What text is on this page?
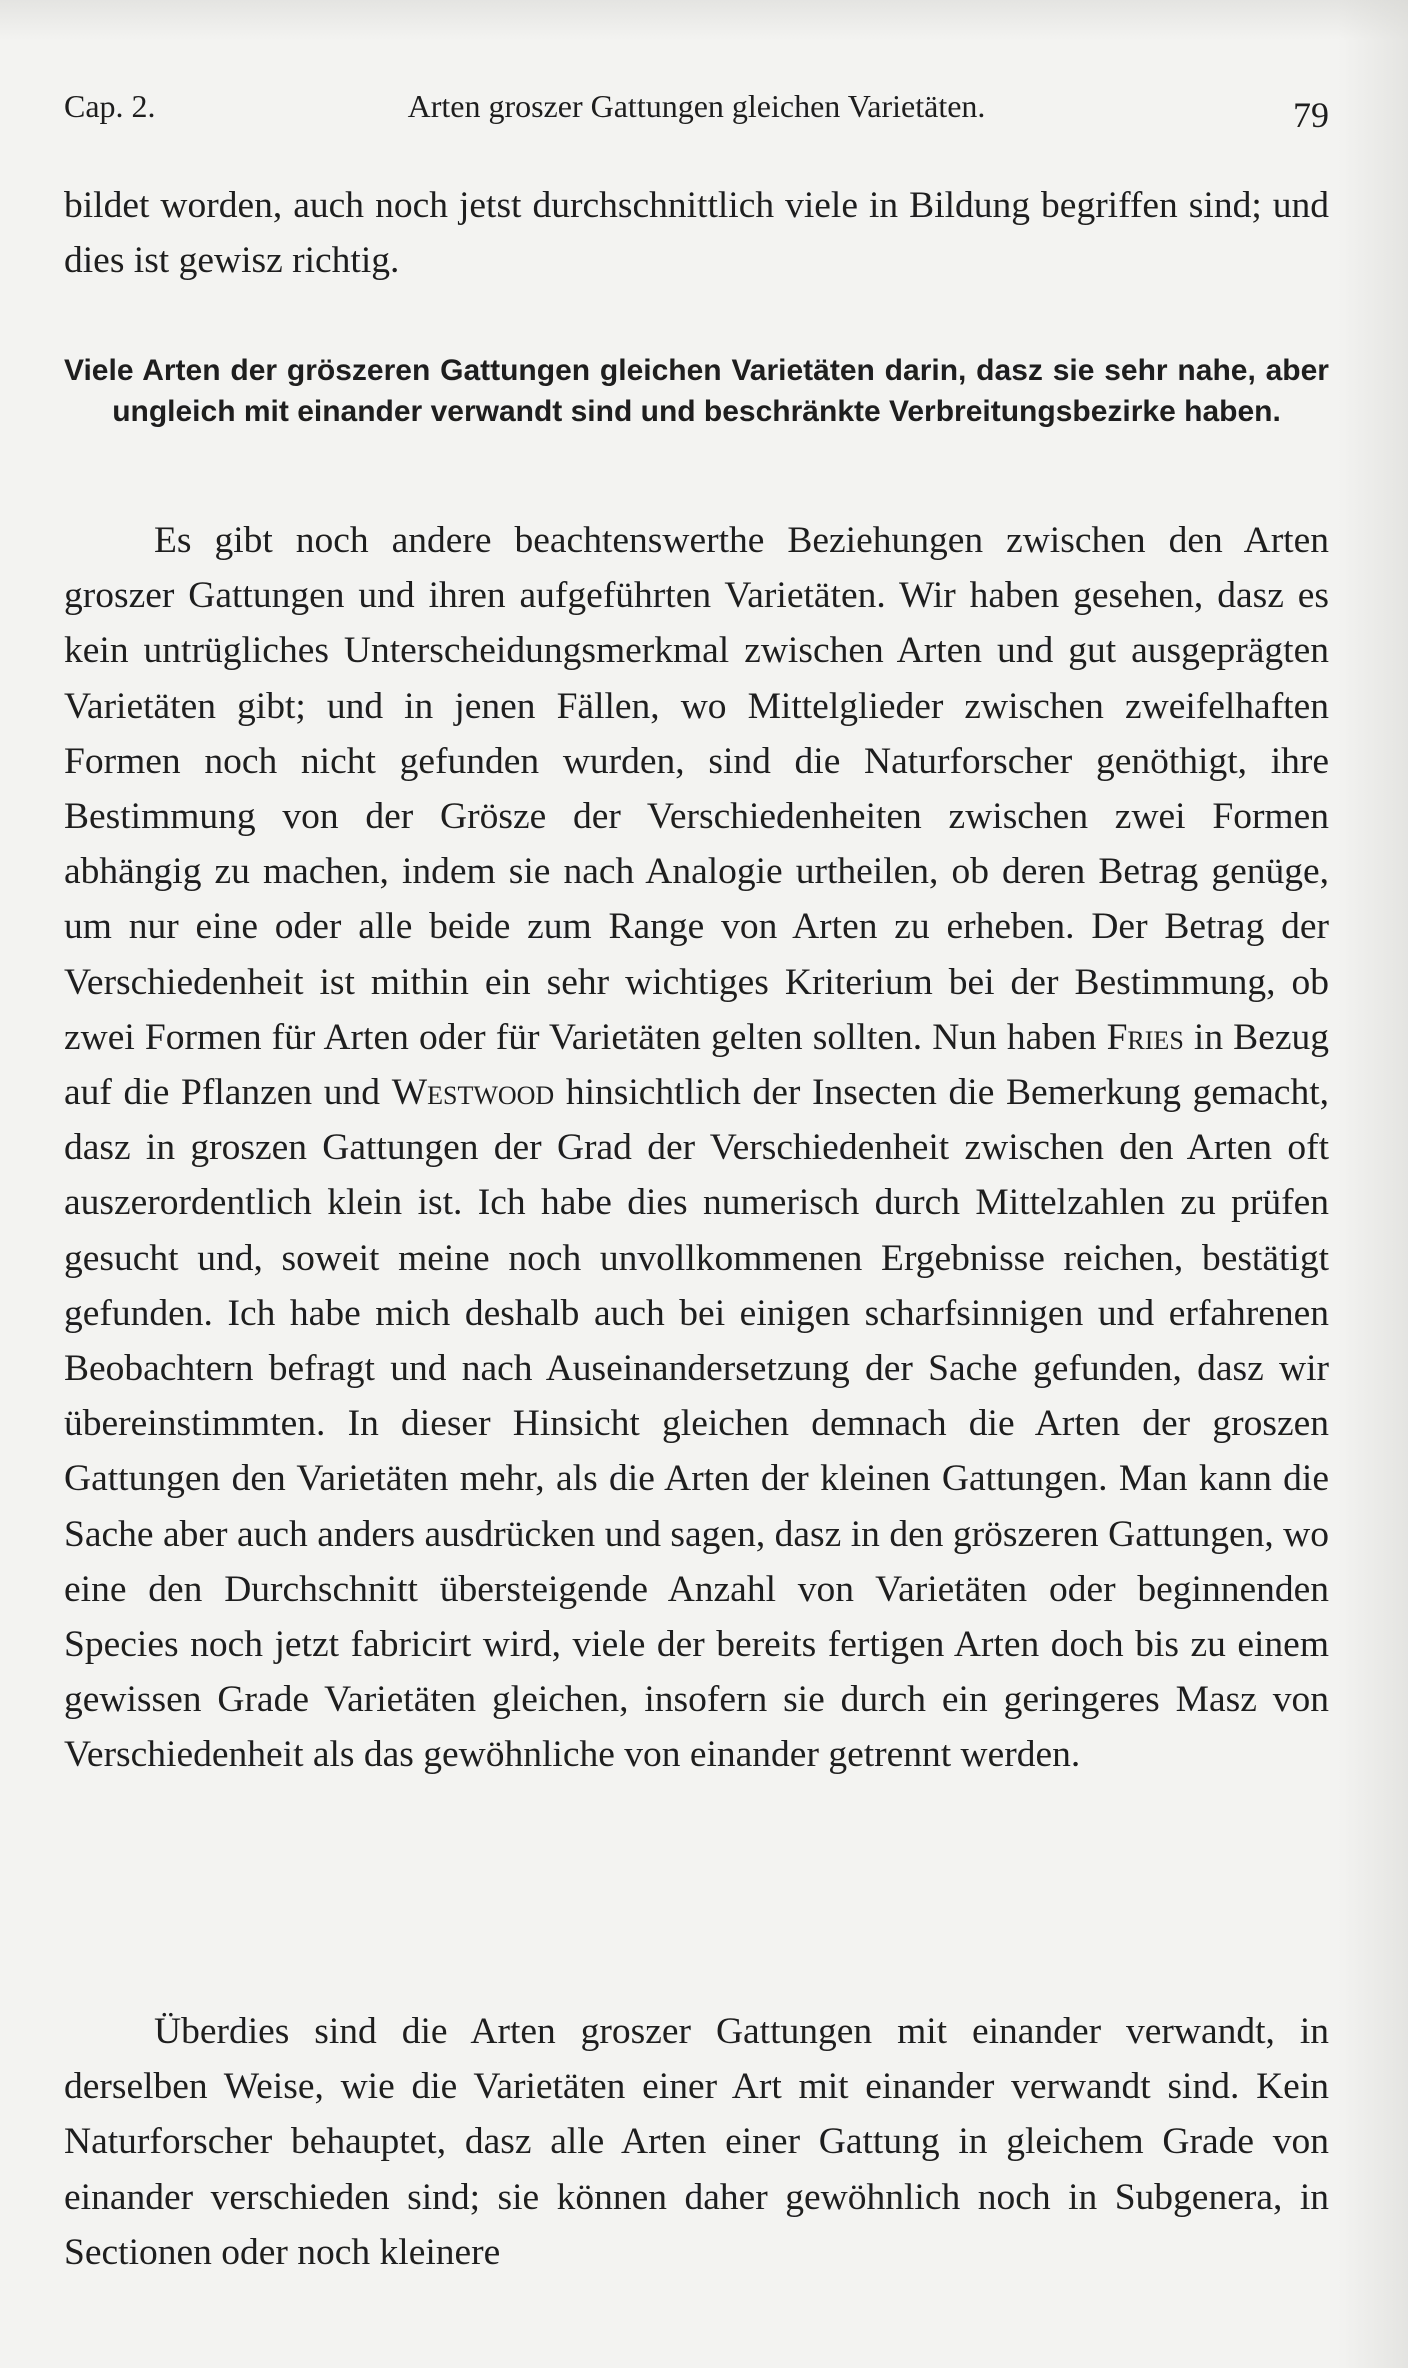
Cap. 2.	Arten groszer Gattungen gleichen Varietäten.	79

bildet worden, auch noch jetst durchschnittlich viele in Bildung begriffen sind; und dies ist gewisz richtig.

Viele Arten der gröszeren Gattungen gleichen Varietäten darin, dasz sie sehr nahe, aber ungleich mit einander verwandt sind und beschränkte Verbreitungsbezirke haben.

Es gibt noch andere beachtenswerthe Beziehungen zwischen den Arten groszer Gattungen und ihren aufgeführten Varietäten. Wir haben gesehen, dasz es kein untrügliches Unterscheidungsmerkmal zwischen Arten und gut ausgeprägten Varietäten gibt; und in jenen Fällen, wo Mittelglieder zwischen zweifelhaften Formen noch nicht gefunden wurden, sind die Naturforscher genöthigt, ihre Bestimmung von der Grösze der Verschiedenheiten zwischen zwei Formen abhängig zu machen, indem sie nach Analogie urtheilen, ob deren Betrag genüge, um nur eine oder alle beide zum Range von Arten zu erheben. Der Betrag der Verschiedenheit ist mithin ein sehr wichtiges Kriterium bei der Bestimmung, ob zwei Formen für Arten oder für Varietäten gelten sollten. Nun haben Fries in Bezug auf die Pflanzen und Westwood hinsichtlich der Insecten die Bemerkung gemacht, dasz in groszen Gattungen der Grad der Verschiedenheit zwischen den Arten oft auszerordentlich klein ist. Ich habe dies numerisch durch Mittelzahlen zu prüfen gesucht und, soweit meine noch unvollkommenen Ergebnisse reichen, bestätigt gefunden. Ich habe mich deshalb auch bei einigen scharfsinnigen und erfahrenen Beobachtern befragt und nach Auseinandersetzung der Sache gefunden, dasz wir übereinstimmten. In dieser Hinsicht gleichen demnach die Arten der groszen Gattungen den Varietäten mehr, als die Arten der kleinen Gattungen. Man kann die Sache aber auch anders ausdrücken und sagen, dasz in den gröszeren Gattungen, wo eine den Durchschnitt übersteigende Anzahl von Varietäten oder beginnenden Species noch jetzt fabricirt wird, viele der bereits fertigen Arten doch bis zu einem gewissen Grade Varietäten gleichen, insofern sie durch ein geringeres Masz von Verschiedenheit als das gewöhnliche von einander getrennt werden.

Überdies sind die Arten groszer Gattungen mit einander verwandt, in derselben Weise, wie die Varietäten einer Art mit einander verwandt sind. Kein Naturforscher behauptet, dasz alle Arten einer Gattung in gleichem Grade von einander verschieden sind; sie können daher gewöhnlich noch in Subgenera, in Sectionen oder noch kleinere
